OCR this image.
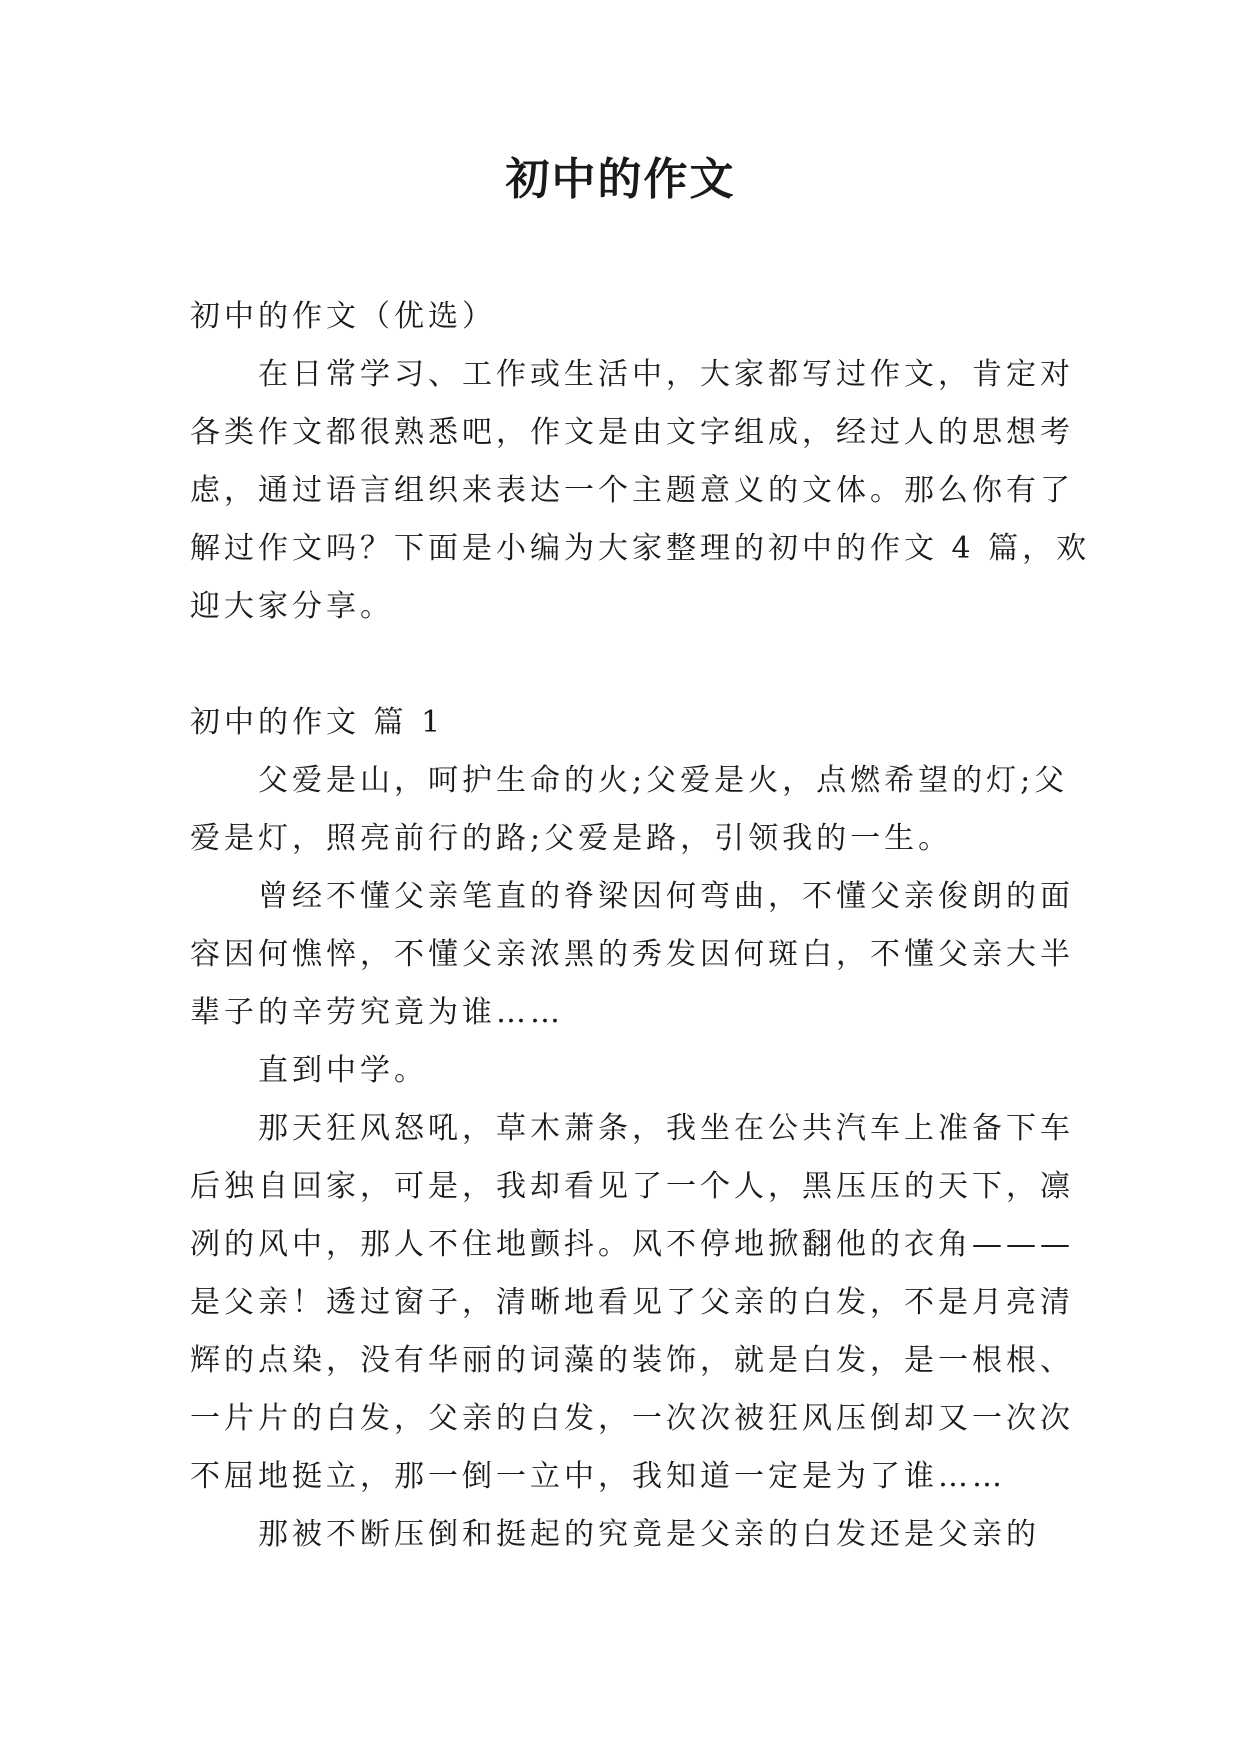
初中的作文
初中的作文（优选）
在日常学习、工作或生活中，大家都写过作文，肯定对
各类作文都很熟悉吧，作文是由文字组成，经过人的思想考
虑，通过语言组织来表达一个主题意义的文体。那么你有了
解过作文吗？下面是小编为大家整理的初中的作文 4 篇，欢
迎大家分享。
初中的作文 篇 1
父爱是山，呵护生命的火;父爱是火，点燃希望的灯;父
爱是灯，照亮前行的路;父爱是路，引领我的一生。
曾经不懂父亲笔直的脊梁因何弯曲，不懂父亲俊朗的面
容因何憔悴，不懂父亲浓黑的秀发因何斑白，不懂父亲大半
辈子的辛劳究竟为谁……
直到中学。
那天狂风怒吼，草木萧条，我坐在公共汽车上准备下车
后独自回家，可是，我却看见了一个人，黑压压的天下，凛
冽的风中，那人不住地颤抖。风不停地掀翻他的衣角———
是父亲！透过窗子，清晰地看见了父亲的白发，不是月亮清
辉的点染，没有华丽的词藻的装饰，就是白发，是一根根、
一片片的白发，父亲的白发，一次次被狂风压倒却又一次次
不屈地挺立，那一倒一立中，我知道一定是为了谁……
那被不断压倒和挺起的究竟是父亲的白发还是父亲的
